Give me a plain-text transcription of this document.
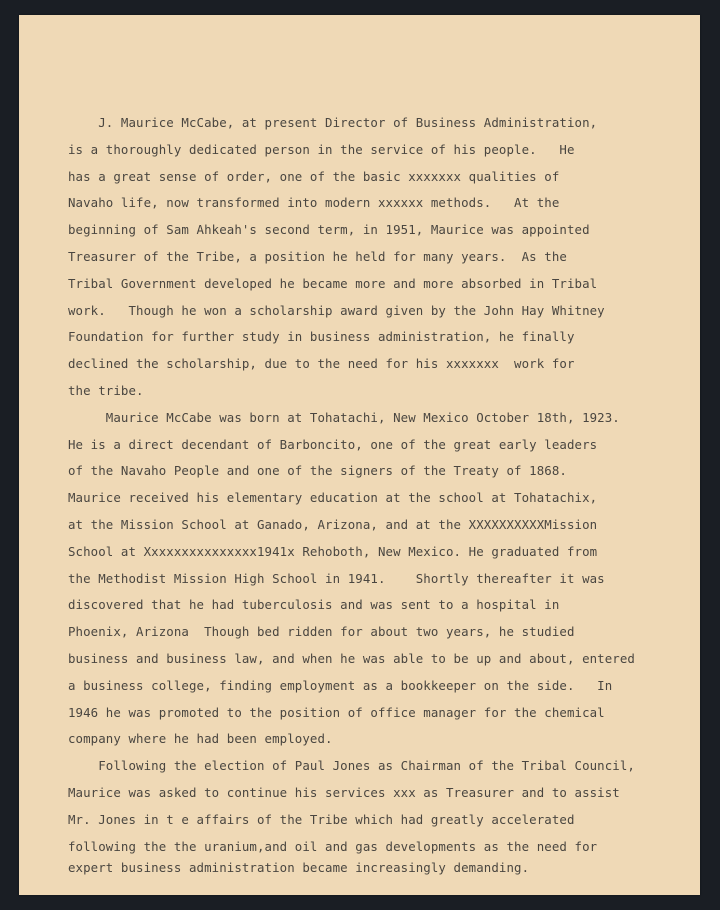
J. Maurice McCabe, at present Director of Business Administration,
is a thoroughly dedicated person in the service of his people.   He
has a great sense of order, one of the basic xxxxxxx qualities of
Navaho life, now transformed into modern xxxxxx methods.   At the
beginning of Sam Ahkeah's second term, in 1951, Maurice was appointed
Treasurer of the Tribe, a position he held for many years.  As the
Tribal Government developed he became more and more absorbed in Tribal
work.   Though he won a scholarship award given by the John Hay Whitney
Foundation for further study in business administration, he finally
declined the scholarship, due to the need for his xxxxxxx  work for
the tribe.
Maurice McCabe was born at Tohatachi, New Mexico October 18th, 1923.
He is a direct decendant of Barboncito, one of the great early leaders
of the Navaho People and one of the signers of the Treaty of 1868.
Maurice received his elementary education at the school at Tohatachix,
at the Mission School at Ganado, Arizona, and at the XXXXXXXXXXMission
School at Xxxxxxxxxxxxxxx1941x Rehoboth, New Mexico. He graduated from
the Methodist Mission High School in 1941.    Shortly thereafter it was
discovered that he had tuberculosis and was sent to a hospital in
Phoenix, Arizona  Though bed ridden for about two years, he studied
business and business law, and when he was able to be up and about, entered
a business college, finding employment as a bookkeeper on the side.   In
1946 he was promoted to the position of office manager for the chemical
company where he had been employed.
Following the election of Paul Jones as Chairman of the Tribal Council,
Maurice was asked to continue his services xxx as Treasurer and to assist
Mr. Jones in t e affairs of the Tribe which had greatly accelerated
following the the uranium,and oil and gas developments as the need for
expert business administration became increasingly demanding.
